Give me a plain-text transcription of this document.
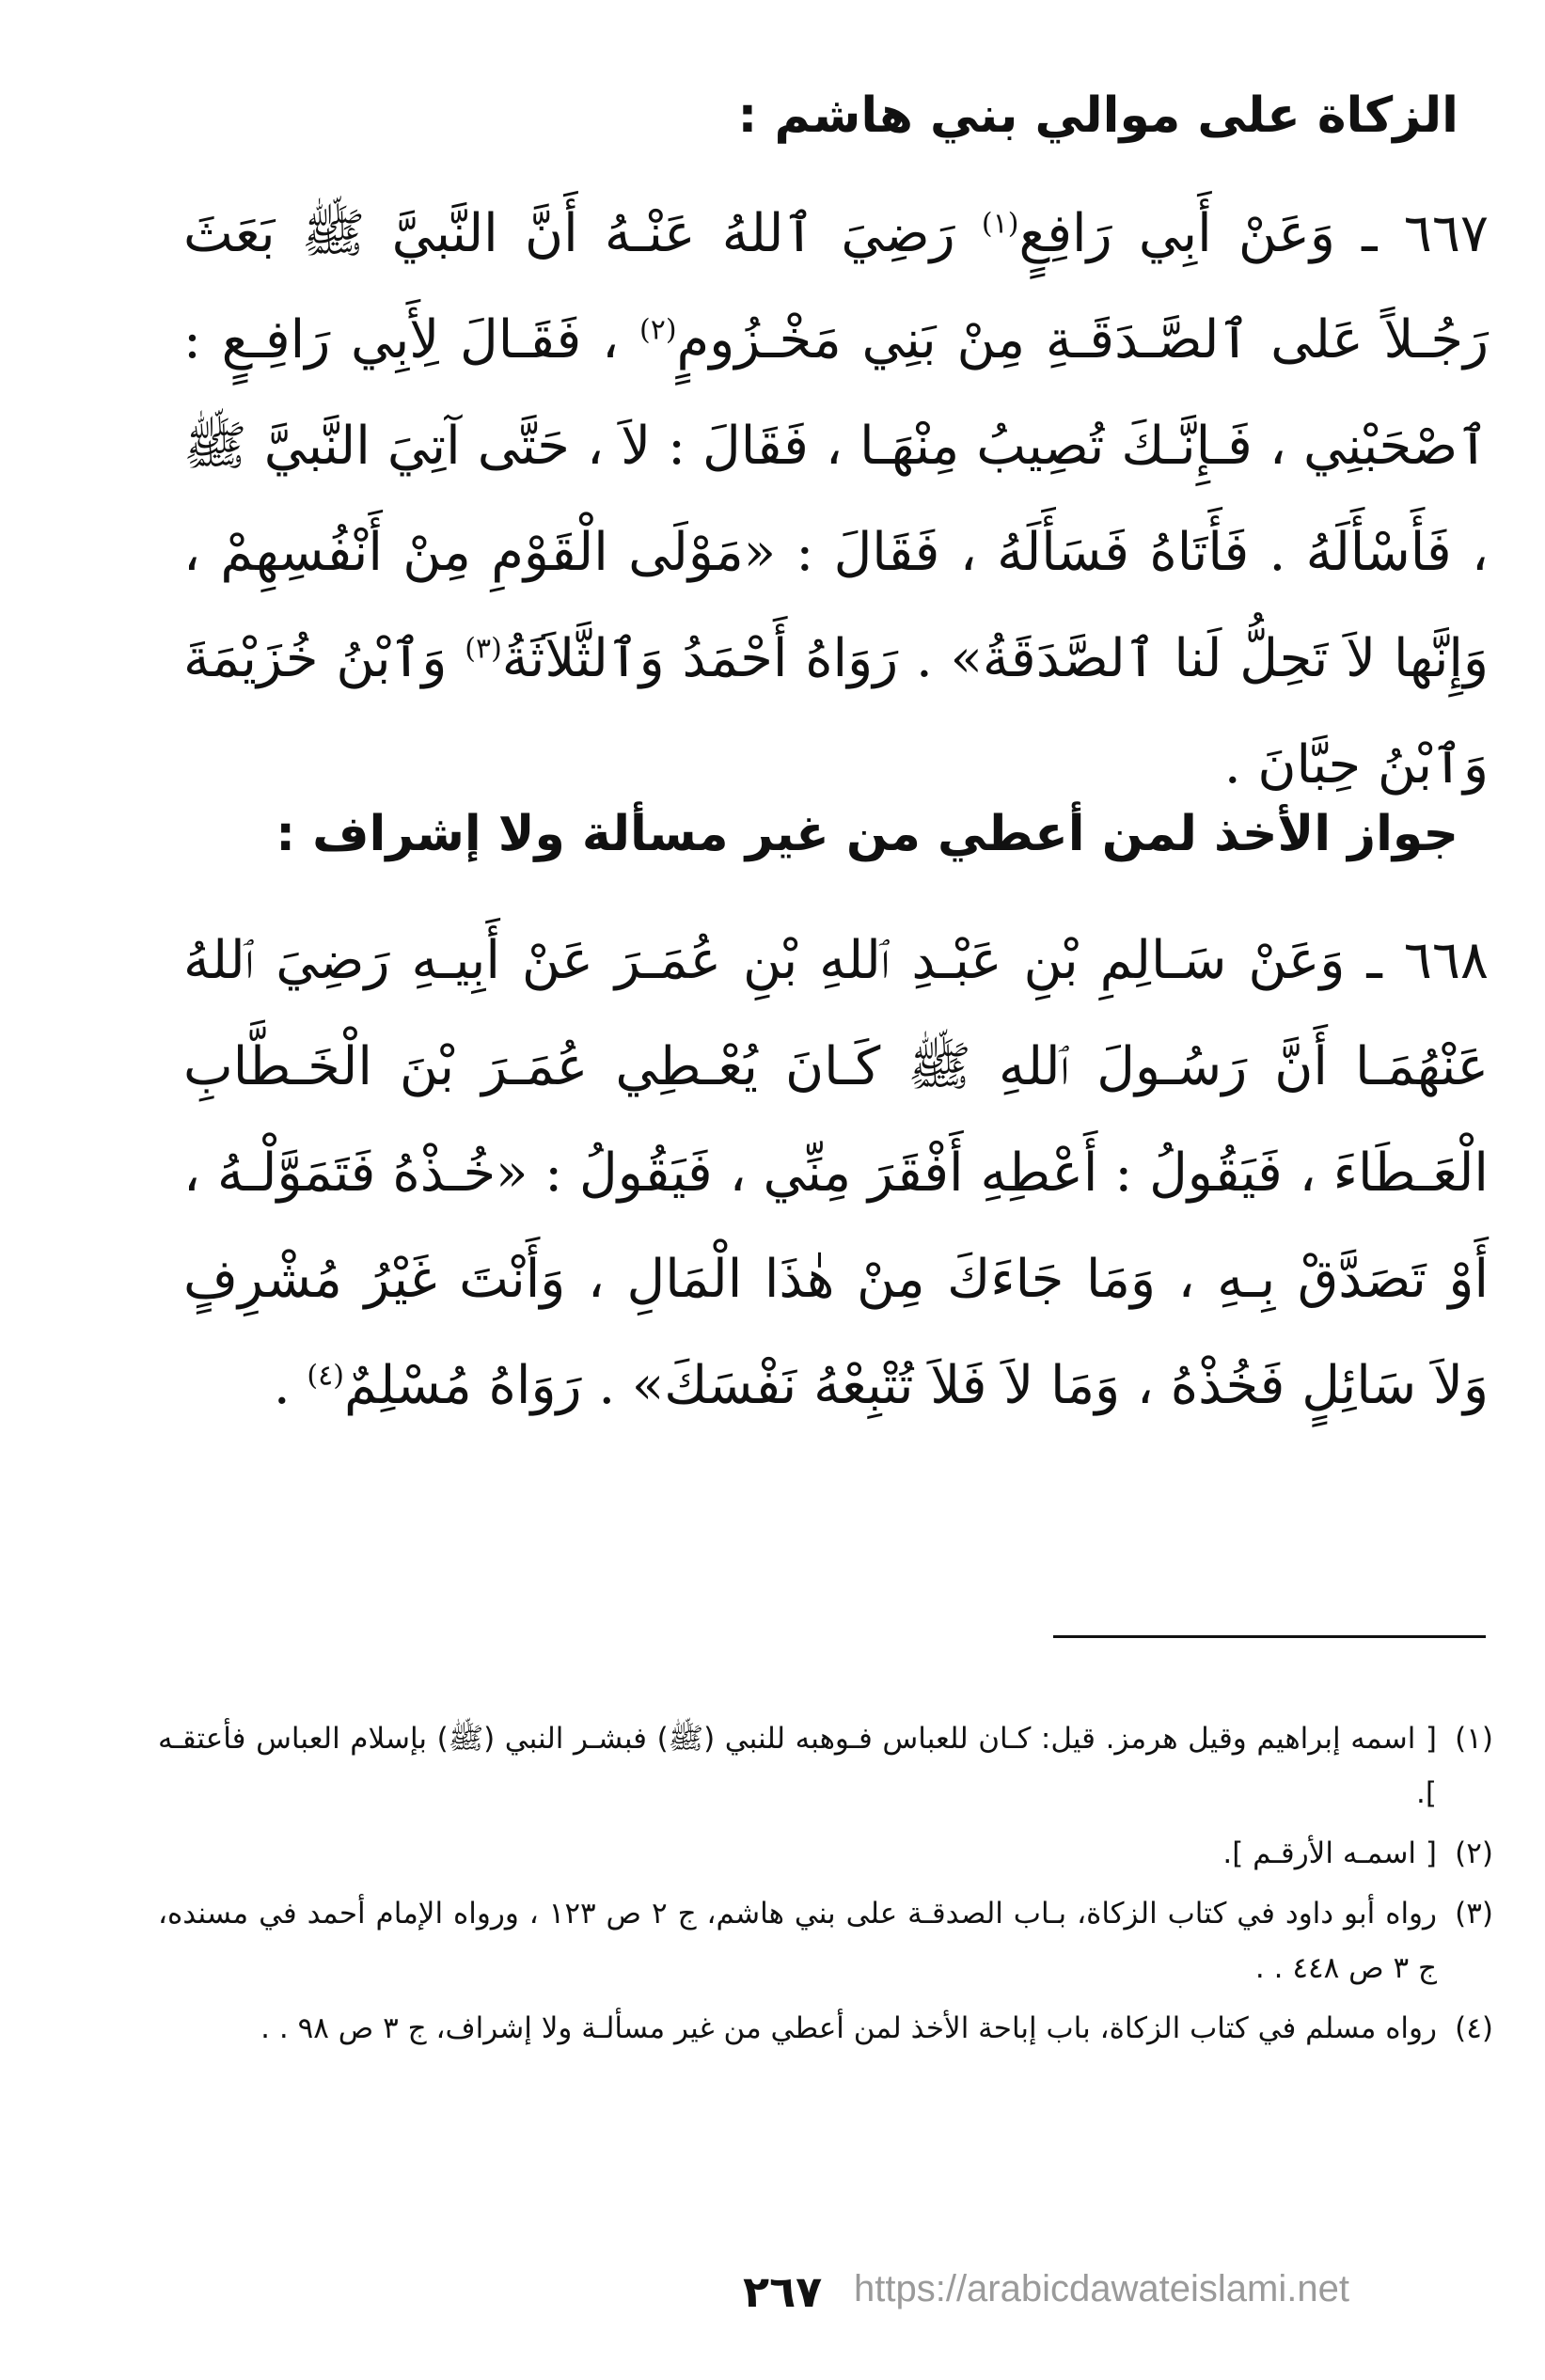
الزكاة على موالي بني هاشم :
٦٦٧ ـ وَعَنْ أَبِي رَافِعٍ$^{(١)}$ رَضِيَ ٱللهُ عَنْـهُ أَنَّ النَّبيَّ ﷺ بَعَثَ رَجُـلاً عَلى ٱلصَّـدَقَـةِ مِنْ بَنِي مَخْـزُومٍ$^{(٢)}$ ، فَقَـالَ لِأَبِي رَافِـعٍ : ٱصْحَبْنِي ، فَـإِنَّـكَ تُصِيبُ مِنْهَـا ، فَقَالَ : لاَ ، حَتَّى آتِيَ النَّبيَّ ﷺ ، فَأَسْأَلَهُ . فَأَتَاهُ فَسَأَلَهُ ، فَقَالَ : «مَوْلَى الْقَوْمِ مِنْ أَنْفُسِهِمْ ، وَإِنَّها لاَ تَحِلُّ لَنا ٱلصَّدَقَةُ» . رَوَاهُ أَحْمَدُ وَٱلثَّلاَثَةُ$^{(٣)}$ وَٱبْنُ خُزَيْمَةَ وَٱبْنُ حِبَّانَ .
جواز الأخذ لمن أعطي من غير مسألة ولا إشراف :
٦٦٨ ـ وَعَنْ سَـالِمِ بْنِ عَبْـدِ ٱللهِ بْنِ عُمَـرَ عَنْ أَبِيـهِ رَضِيَ ٱللهُ عَنْهُمَـا أَنَّ رَسُـولَ ٱللهِ ﷺ كَـانَ يُعْـطِي عُمَـرَ بْنَ الْخَـطَّابِ الْعَـطَاءَ ، فَيَقُولُ : أَعْطِهِ أَفْقَرَ مِنِّي ، فَيَقُولُ : «خُـذْهُ فَتَمَوَّلْـهُ ، أَوْ تَصَدَّقْ بِـهِ ، وَمَا جَاءَكَ مِنْ هٰذَا الْمَالِ ، وَأَنْتَ غَيْرُ مُشْرِفٍ وَلاَ سَائِلٍ فَخُذْهُ ، وَمَا لاَ فَلاَ تُتْبِعْهُ نَفْسَكَ» . رَوَاهُ مُسْلِمٌ$^{(٤)}$ .
(١)
[ اسمه إبراهيم وقيل هرمز. قيل: كـان للعباس فـوهبه للنبي (ﷺ) فبشـر النبي (ﷺ) بإسلام العباس فأعتقـه ].
(٢)
[ اسمـه الأرقـم ].
(٣)
رواه أبو داود في كتاب الزكاة، بـاب الصدقـة على بني هاشم، ج ٢ ص ١٢٣ ، ورواه الإمام أحمد في مسنده، ج ٣ ص ٤٤٨ . .
(٤)
رواه مسلم في كتاب الزكاة، باب إباحة الأخذ لمن أعطي من غير مسألـة ولا إشراف، ج ٣ ص ٩٨ . .
٢٦٧ https://arabicdawateislami.net
